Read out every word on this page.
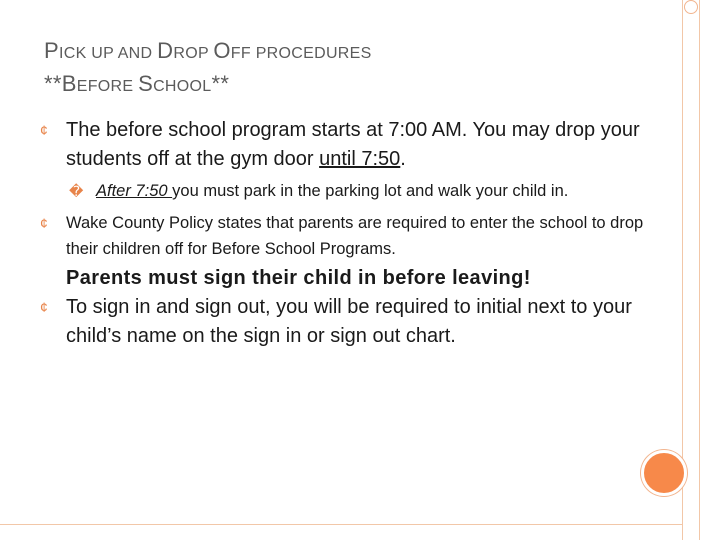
PICK UP AND DROP OFF PROCEDURES
**BEFORE SCHOOL**
¢ The before school program starts at 7:00 AM. You may drop your students off at the gym door until 7:50.
� After 7:50 you must park in the parking lot and walk your child in.
¢ Wake County Policy states that parents are required to enter the school to drop their children off for Before School Programs.
Parents must sign their child in before leaving!
¢ To sign in and sign out, you will be required to initial next to your child’s name on the sign in or sign out chart.
